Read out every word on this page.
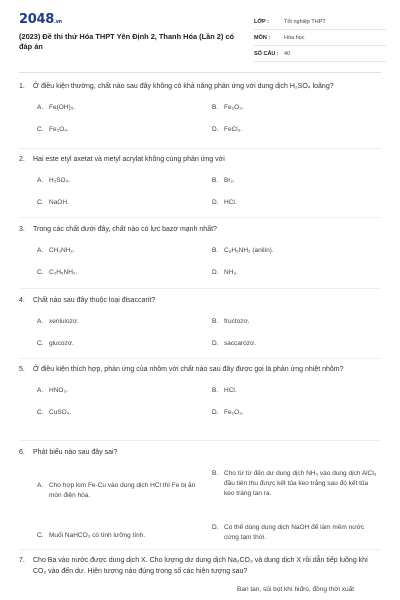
2048.vn
(2023) Đề thi thử Hóa THPT Yên Định 2, Thanh Hóa (Lần 2) có đáp án
LỚP :	Tốt nghiệp THPT
MÔN :	Hóa học
SỐ CÂU : 40
1.	Ở điều kiện thường, chất nào sau đây không có khả năng phản ứng với dung dịch H₂SO₄ loãng?
A. Fe(OH)₃.	B. Fe₂O₃.
C. Fe₃O₄.	D. FeCl₃.
2.	Hai este etyl axetat và metyl acrylat không cùng phản ứng với
A. H₂SO₄.	B. Br₂.
C. NaOH.	D. HCl.
3.	Trong các chất dưới đây, chất nào có lực bazơ mạnh nhất?
A. CH₃NH₂.	B. C₆H₅NH₂ (anilin).
C. C₂H₅NH₂.	D. NH₃.
4.	Chất nào sau đây thuộc loại đisaccarit?
A. xenlulozơ.	B. fructozơ.
C. glucozơ.	D. saccarozơ.
5.	Ở điều kiện thích hợp, phản ứng của nhôm với chất nào sau đây được gọi là phản ứng nhiệt nhôm?
A. HNO₃.	B. HCl.
C. CuSO₄.	D. Fe₂O₃.
6.	Phát biểu nào sau đây sai?
A. Cho hợp kim Fe-Cu vào dung dịch HCl thì Fe bị ăn mòn điện hóa.
B. Cho từ từ đến dư dung dịch NH₃ vào dung dịch AlCl₃ đầu tiên thu được kết tủa keo trắng sau đó kết tủa keo tráng tan ra.
C. Muối NaHCO₃ có tính lưỡng tính.
D. Có thể dùng dung dịch NaOH để làm mềm nước cứng tạm thời.
7.	Cho Ba vào nước được dung dịch X. Cho lượng dư dung dịch Na₂CO₃ và dung dịch X rồi dẫn tiếp luồng khí CO₂ vào đến dư. Hiện tượng nào đúng trong số các hiện tượng sau?
Bari tan, sủi bọt khí hiđro, đồng thời xuất
